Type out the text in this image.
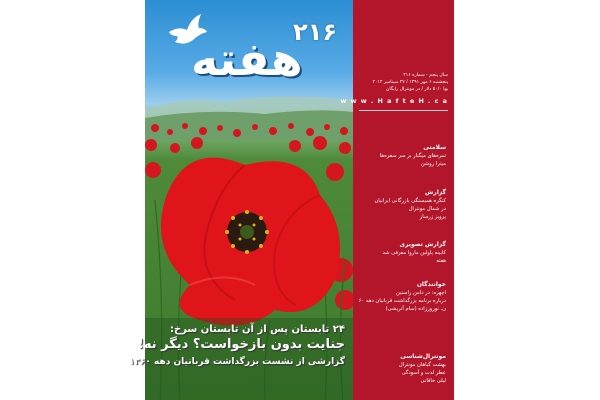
۲۱۶
هفته
۲۴ تابستان پس از آن تابستان سرخ:
جنایت بدون بازخواست؟ دیگر نه!
گزارشی از نشست بزرگداشت قربانیان دهه ۱۳۶۰
سال پنجم - شماره ۲۱۶
پنجشنبه ۶ مهر ۱۳۹۱ / ۲۷ سپتامبر ۲۰۱۲
بها ۵۰/۰ دلار / در مونترال رایگان
w w w . H a f t e H . c a
سلامتی
ثمره‌های میگنار بر سر سفره‌ها
میترا روشن
گزارش
کنگره همبستگی بازرگانی ایرانیان
در شمال مونترال
پرویز زرساز
گزارش تصویری
کابینه پاولین ماروا معرفی شد
هفته
خوانندگان
اچهره: در دامن راستین
درباره برنامه بزرگداشت قربانیان دهه ۶۰
ن. نوروززاده (سام آتریشی)
مونترال‌شناسی
بهشت گیاهان مونترال
عطر لذت و آسودگی
لیلی خاقانی
